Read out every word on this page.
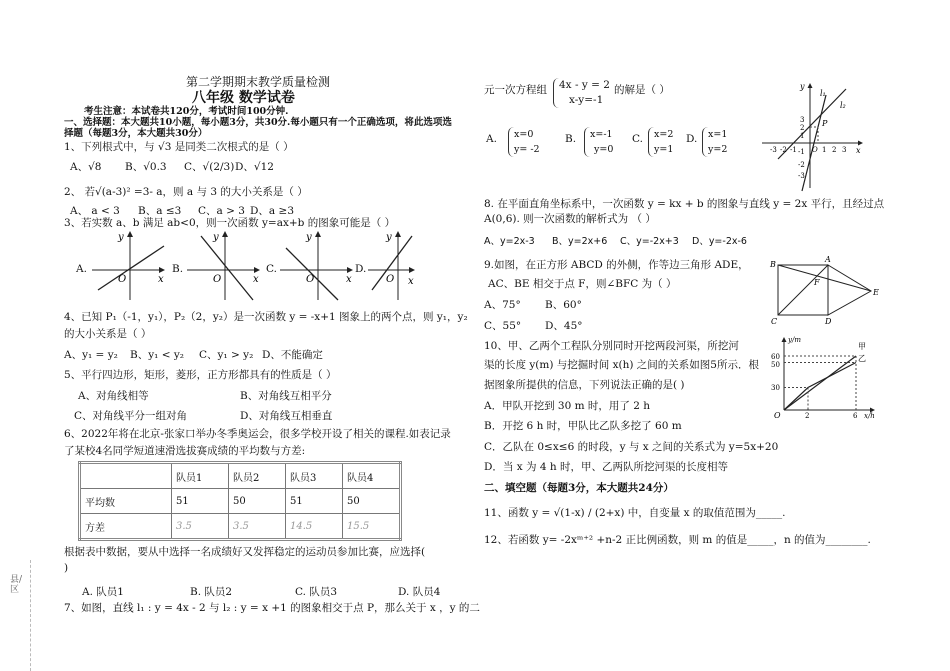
第二学期期末教学质量检测
八年级 数学试卷
考生注意：本试卷共120分，考试时间100分钟.
一、选择题：本大题共10小题，每小题3分，共30分.每小题只有一个正确选项，将此选项选
择题（每题3分，本大题共30分）
1、下列根式中，与 √3 是同类二次根式的是（ ）
A、√8 B、√0.3 C、√(2/3) D、√12
2、 若√(a-3)² =3- a，则 a 与 3 的大小关系是（ ）
A、 a < 3 B、a ≤3 C、a > 3 D、a ≥3
3、若实数 a、b 满足 ab<0，则一次函数 y=ax+b 的图象可能是（ ）
A.	B.	C.	D.
y
x
O
y
x
O
y
x
O
y
x
O
4、已知 P₁（-1，y₁），P₂（2，y₂）是一次函数 y = -x+1 图象上的两个点，则 y₁，y₂
的大小关系是（ ）
A、y₁ = y₂ B、y₁ < y₂ C、y₁ > y₂ D、不能确定
5、平行四边形，矩形，菱形，正方形都具有的性质是（ ）
A、对角线相等	B、对角线互相平分
C、对角线平分一组对角	D、对角线互相垂直
6、2022年将在北京-张家口举办冬季奥运会，很多学校开设了相关的课程.如表记录
了某校4名同学短道速滑选拔赛成绩的平均数与方差:
	队员1	队员2	队员3	队员4
平均数	51	50	51	50
方差	3.5	3.5	14.5	15.5
根据表中数据，要从中选择一名成绩好又发挥稳定的运动员参加比赛，应选择(
)
A. 队员1	B. 队员2	C. 队员3	D. 队员4
7、如图，直线 l₁ : y = 4x - 2 与 l₂ : y = x +1 的图象相交于点 P，那么关于 x ，y 的二
县/区
元一次方程组	4x - y = 2
x-y=-1
的解是（ ）
A.	x=0
y= -2
B.	x=-1
y=0
C.	x=2
y=1
D.	x=1
y=2
y
x
O
l₁
l₂
P
3
2
1
-1
-2
-3
-3 -2 -1	1 2 3
8. 在平面直角坐标系中，一次函数 y = kx + b 的图象与直线 y = 2x 平行，且经过点
A(0,6). 则一次函数的解析式为 （ ）
A、y=2x-3 B、y=2x+6 C、y=-2x+3 D、y=-2x-6
9.如图，在正方形 ABCD 的外侧，作等边三角形 ADE，
AC、BE 相交于点 F，则∠BFC 为（ ）
A、75° B、60°
C、55° D、45°
B
A
C	D
E
F
10、甲、乙两个工程队分别同时开挖两段河渠，所挖河
渠的长度 y(m) 与挖掘时间 x(h) 之间的关系如图5所示．根
据图象所提供的信息，下列说法正确的是( )
A．甲队开挖到 30 m 时，用了 2 h
B．开挖 6 h 时，甲队比乙队多挖了 60 m
C．乙队在 0≤x≤6 的时段，y 与 x 之间的关系式为 y=5x+20
D．当 x 为 4 h 时，甲、乙两队所挖河渠的长度相等
y/m
x/h
甲
乙
O
60
50
30
2	6
二、填空题（每题3分，本大题共24分）
11、函数 y = √(1-x) / (2+x) 中，自变量 x 的取值范围为_____.
12、若函数 y= -2xᵐ⁺² +n-2 正比例函数，则 m 的值是_____，n 的值为________.
